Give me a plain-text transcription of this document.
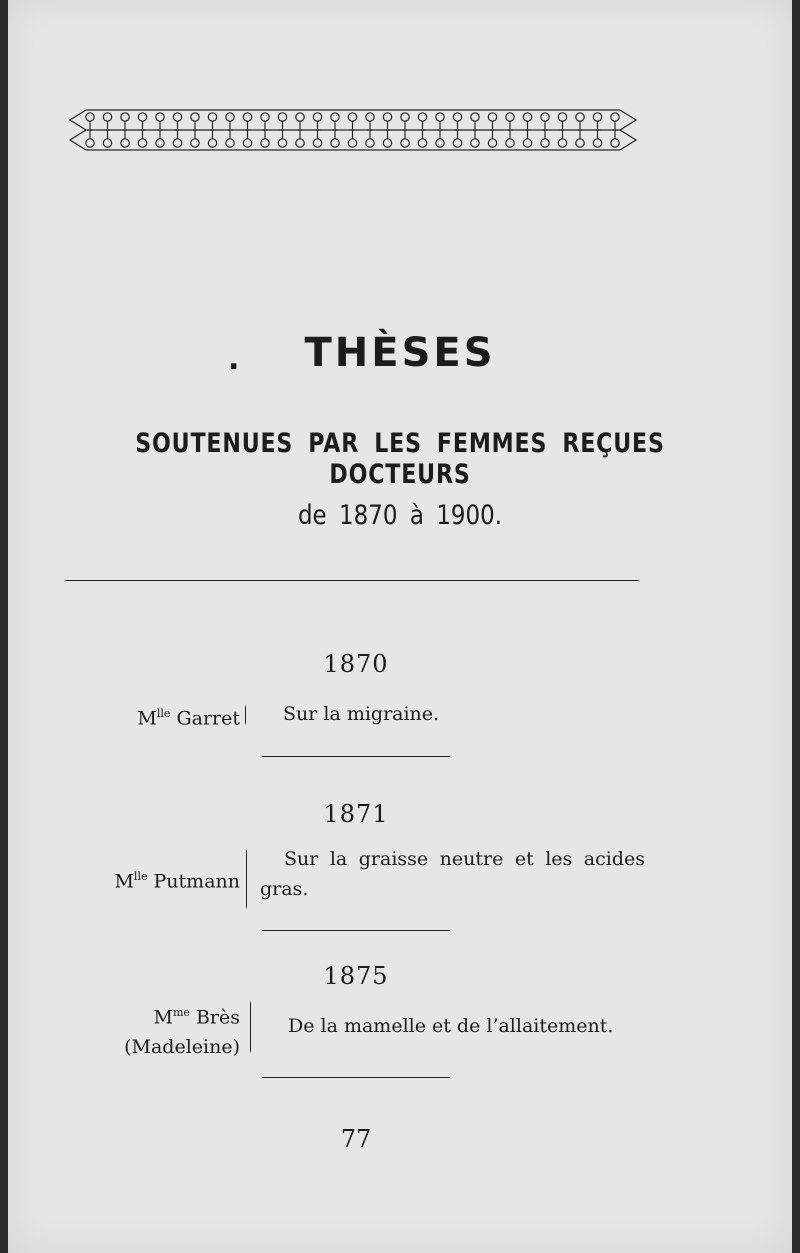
. THÈSES
SOUTENUES PAR LES FEMMES REÇUES DOCTEURS
de 1870 à 1900.
1870
$M^{lle}$ Garret Sur la migraine.
1871
$M^{lle}$ Putmann
Sur la graisse neutre et les acides
gras.
1875
$M^{me}$ Brès
(Madeleine)
De la mamelle et de l’allaitement.
77
